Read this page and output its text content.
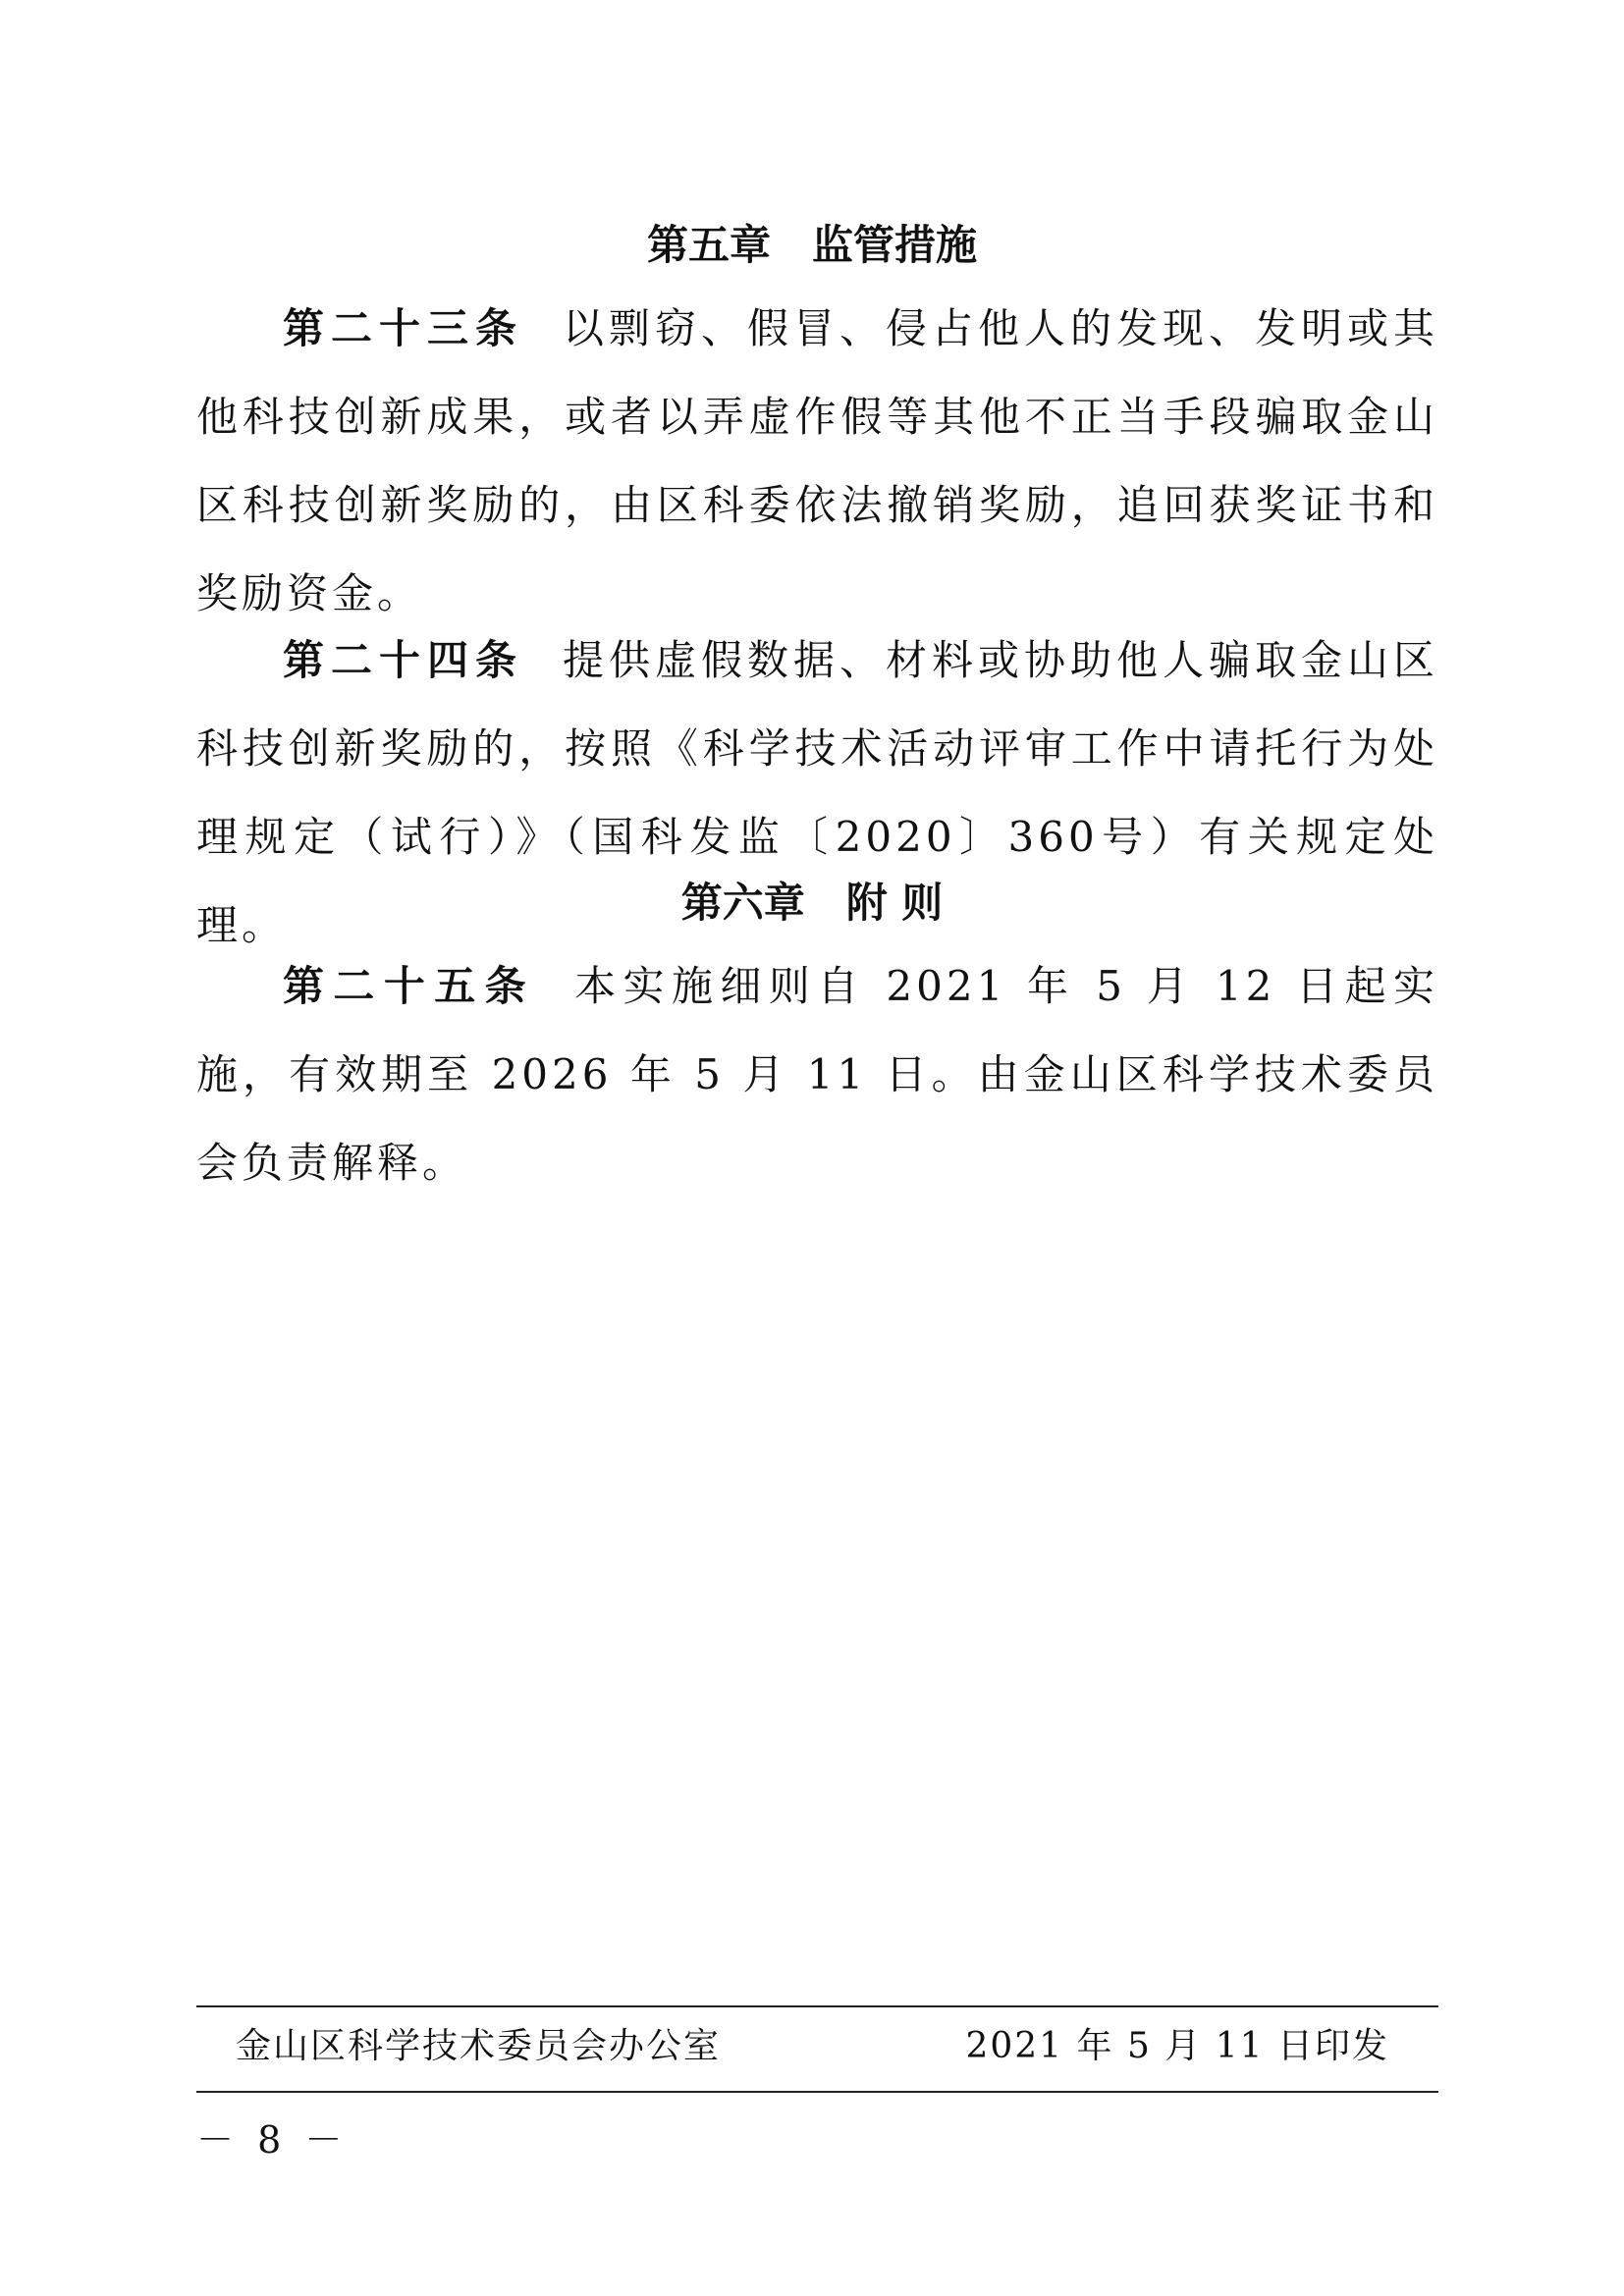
第五章　监管措施
第二十三条 以剽窃、假冒、侵占他人的发现、发明或其他科技创新成果，或者以弄虚作假等其他不正当手段骗取金山区科技创新奖励的，由区科委依法撤销奖励，追回获奖证书和奖励资金。
第二十四条 提供虚假数据、材料或协助他人骗取金山区科技创新奖励的，按照《科学技术活动评审工作中请托行为处理规定（试行）》（国科发监〔2020〕360号）有关规定处理。	第六章　附 则
第二十五条 本实施细则自 2021 年 5 月 12 日起实施，有效期至 2026 年 5 月 11 日。由金山区科学技术委员会负责解释。
金山区科学技术委员会办公室	2021 年 5 月 11 日印发
－ 8 －
